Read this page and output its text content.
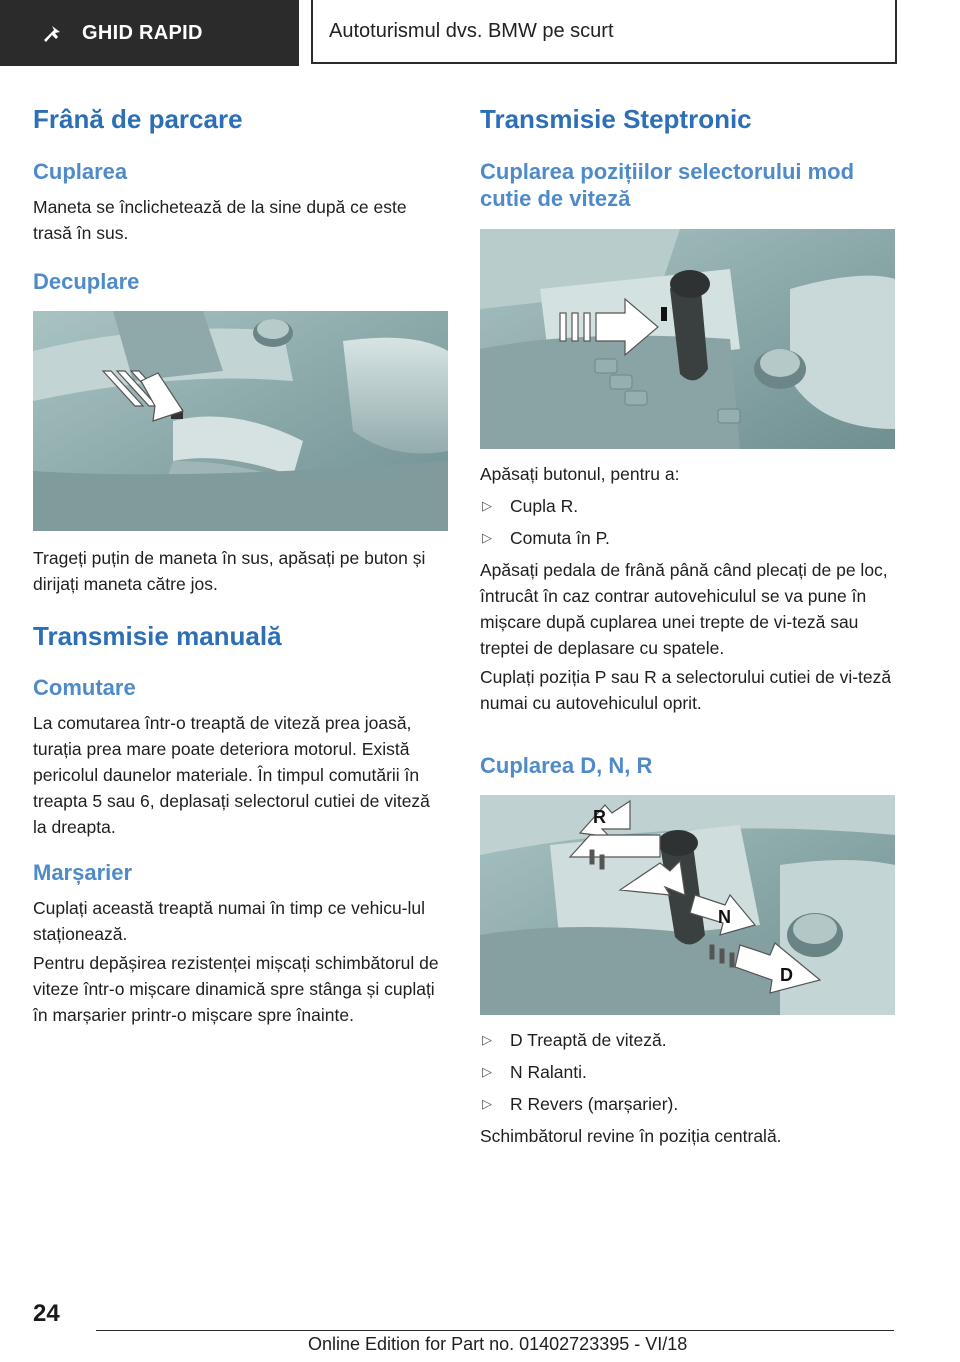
GHID RAPID	Autoturismul dvs. BMW pe scurt
Frână de parcare
Cuplarea

Maneta se înclichetează de la sine după ce este trasă în sus.

Decuplare

Trageți puțin de maneta în sus, apăsați pe buton și dirijați maneta către jos.

Transmisie manuală
Comutare

La comutarea într-o treaptă de viteză prea joasă, turația prea mare poate deteriora motorul. Există pericolul daunelor materiale. În timpul comutării în treapta 5 sau 6, deplasați selectorul cutiei de viteză la dreapta.

Marșarier

Cuplați această treaptă numai în timp ce vehicu-lul staționează.

Pentru depășirea rezistenței mișcați schimbătorul de viteze într-o mișcare dinamică spre stânga și cuplați în marșarier printr-o mișcare spre înainte.

Transmisie Steptronic
Cuplarea pozițiilor selectorului mod cutie de viteză

Apăsați butonul, pentru a:

▷	Cupla R.
▷	Comuta în P.

Apăsați pedala de frână până când plecați de pe loc, întrucât în caz contrar autovehiculul se va pune în mișcare după cuplarea unei trepte de vi-teză sau treptei de deplasare cu spatele.

Cuplați poziția P sau R a selectorului cutiei de vi-teză numai cu autovehiculul oprit.

Cuplarea D, N, R
R
N
D
▷	D Treaptă de viteză.
▷	N Ralanti.
▷	R Revers (marșarier).

Schimbătorul revine în poziția centrală.

24
Online Edition for Part no. 01402723395 - VI/18
